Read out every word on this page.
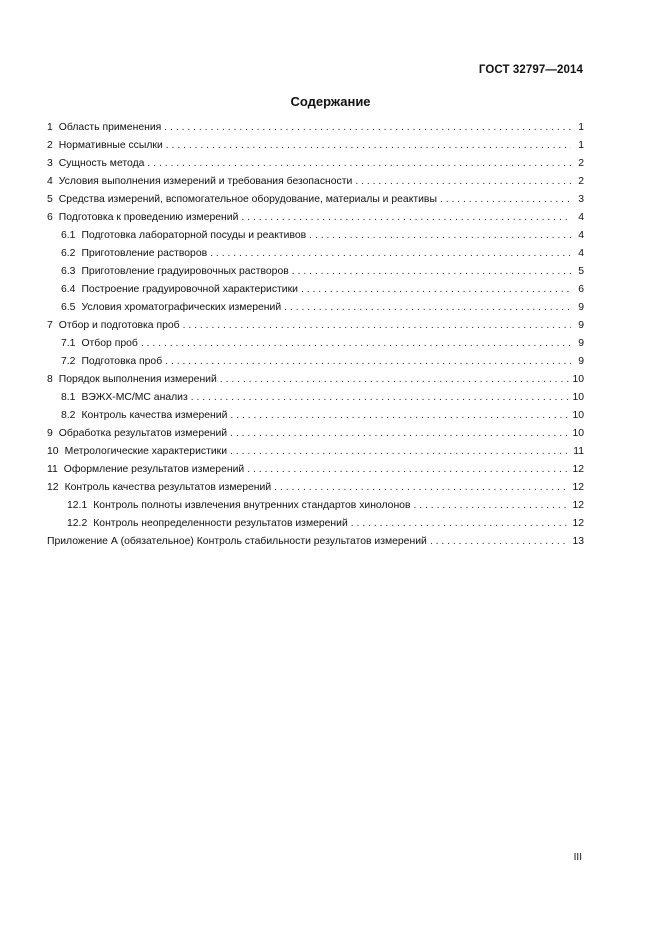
ГОСТ 32797—2014
Содержание
1 Область применения . . .	1
2 Нормативные ссылки . . .	1
3 Сущность метода . . .	2
4 Условия выполнения измерений и требования безопасности . . .	2
5 Средства измерений, вспомогательное оборудование, материалы и реактивы . . .	3
6 Подготовка к проведению измерений . . .	4
6.1 Подготовка лабораторной посуды и реактивов . . .	4
6.2 Приготовление растворов . . .	4
6.3 Приготовление градуировочных растворов . . .	5
6.4 Построение градуировочной характеристики . . .	6
6.5 Условия хроматографических измерений . . .	9
7 Отбор и подготовка проб . . .	9
7.1 Отбор проб . . .	9
7.2 Подготовка проб . . .	9
8 Порядок выполнения измерений . . .	10
8.1 ВЭЖХ-МС/МС анализ . . .	10
8.2 Контроль качества измерений . . .	10
9 Обработка результатов измерений . . .	10
10 Метрологические характеристики . . .	11
11 Оформление результатов измерений . . .	12
12 Контроль качества результатов измерений . . .	12
12.1 Контроль полноты извлечения внутренних стандартов хинолонов . . .	12
12.2 Контроль неопределенности результатов измерений . . .	12
Приложение А (обязательное) Контроль стабильности результатов измерений . . .	13
III
